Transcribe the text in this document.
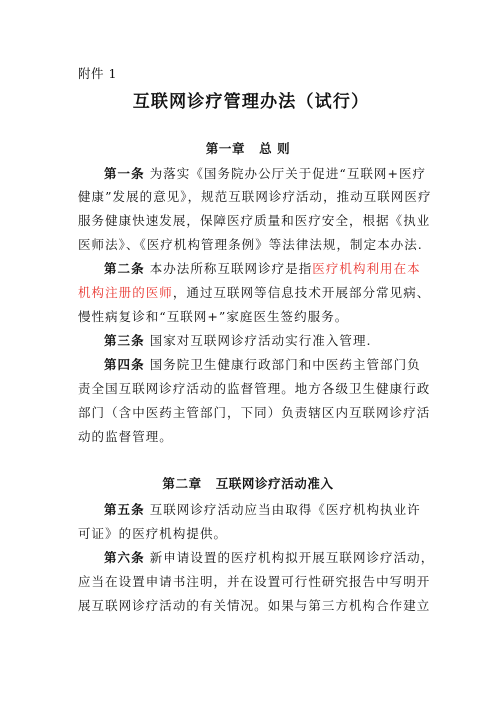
附件 1
互联网诊疗管理办法（试行）
第一章 总 则
第一条 为落实《国务院办公厅关于促进“互联网+医疗
健康”发展的意见》，规范互联网诊疗活动，推动互联网医疗
服务健康快速发展，保障医疗质量和医疗安全，根据《执业
医师法》、《医疗机构管理条例》等法律法规，制定本办法.
第二条 本办法所称互联网诊疗是指医疗机构利用在本
机构注册的医师，通过互联网等信息技术开展部分常见病、
慢性病复诊和“互联网+”家庭医生签约服务。
第三条 国家对互联网诊疗活动实行准入管理.
第四条 国务院卫生健康行政部门和中医药主管部门负
责全国互联网诊疗活动的监督管理。地方各级卫生健康行政
部门（含中医药主管部门，下同）负责辖区内互联网诊疗活
动的监督管理。
第二章 互联网诊疗活动准入
第五条 互联网诊疗活动应当由取得《医疗机构执业许
可证》的医疗机构提供。
第六条 新申请设置的医疗机构拟开展互联网诊疗活动，
应当在设置申请书注明，并在设置可行性研究报告中写明开
展互联网诊疗活动的有关情况。如果与第三方机构合作建立
